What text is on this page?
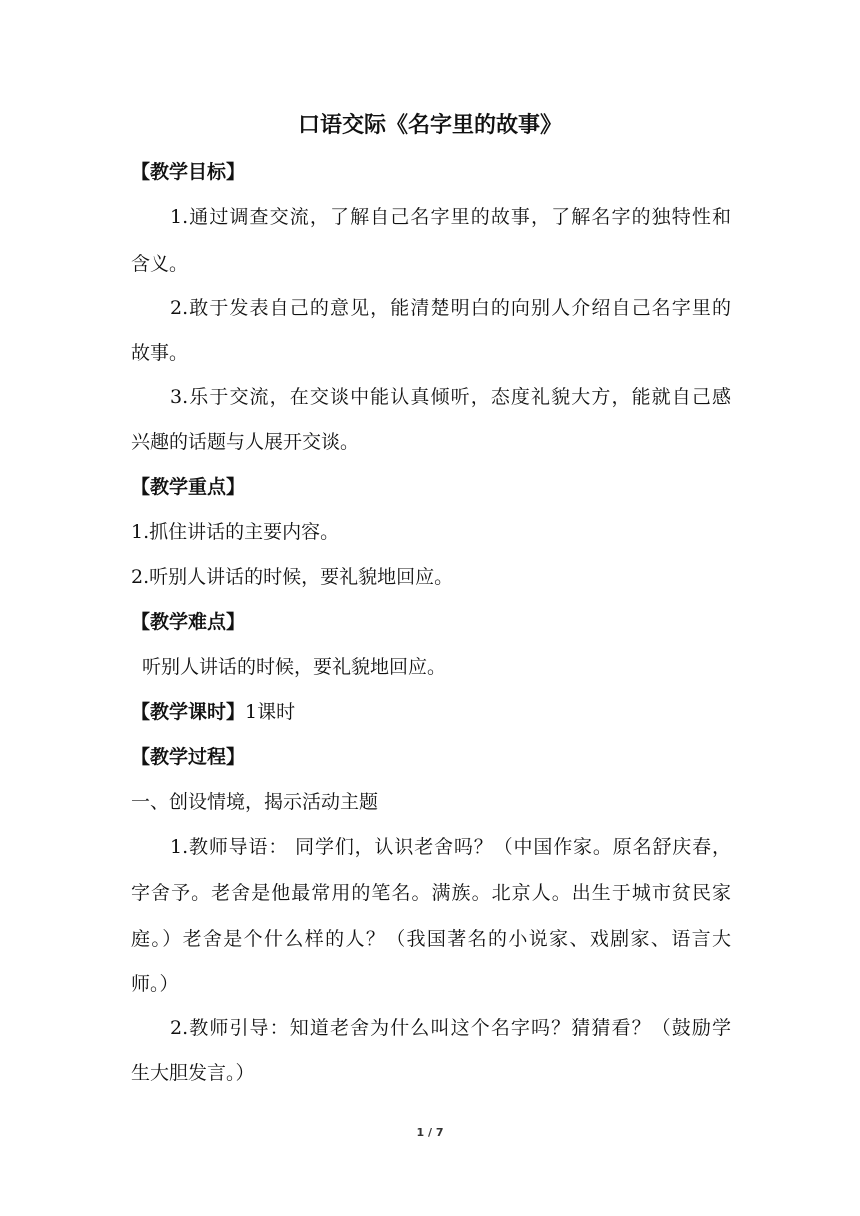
口语交际《名字里的故事》
【教学目标】
1.通过调查交流，了解自己名字里的故事，了解名字的独特性和
含义。
2.敢于发表自己的意见，能清楚明白的向别人介绍自己名字里的
故事。
3.乐于交流，在交谈中能认真倾听，态度礼貌大方，能就自己感
兴趣的话题与人展开交谈。
【教学重点】
1.抓住讲话的主要内容。
2.听别人讲话的时候，要礼貌地回应。
【教学难点】
听别人讲话的时候，要礼貌地回应。
【教学课时】1课时
【教学过程】
一、创设情境，揭示活动主题
1.教师导语： 同学们，认识老舍吗？（中国作家。原名舒庆春，
字舍予。老舍是他最常用的笔名。满族。北京人。出生于城市贫民家
庭。）老舍是个什么样的人？（我国著名的小说家、戏剧家、语言大
师。）
2.教师引导：知道老舍为什么叫这个名字吗？猜猜看？（鼓励学
生大胆发言。）
1 / 7
